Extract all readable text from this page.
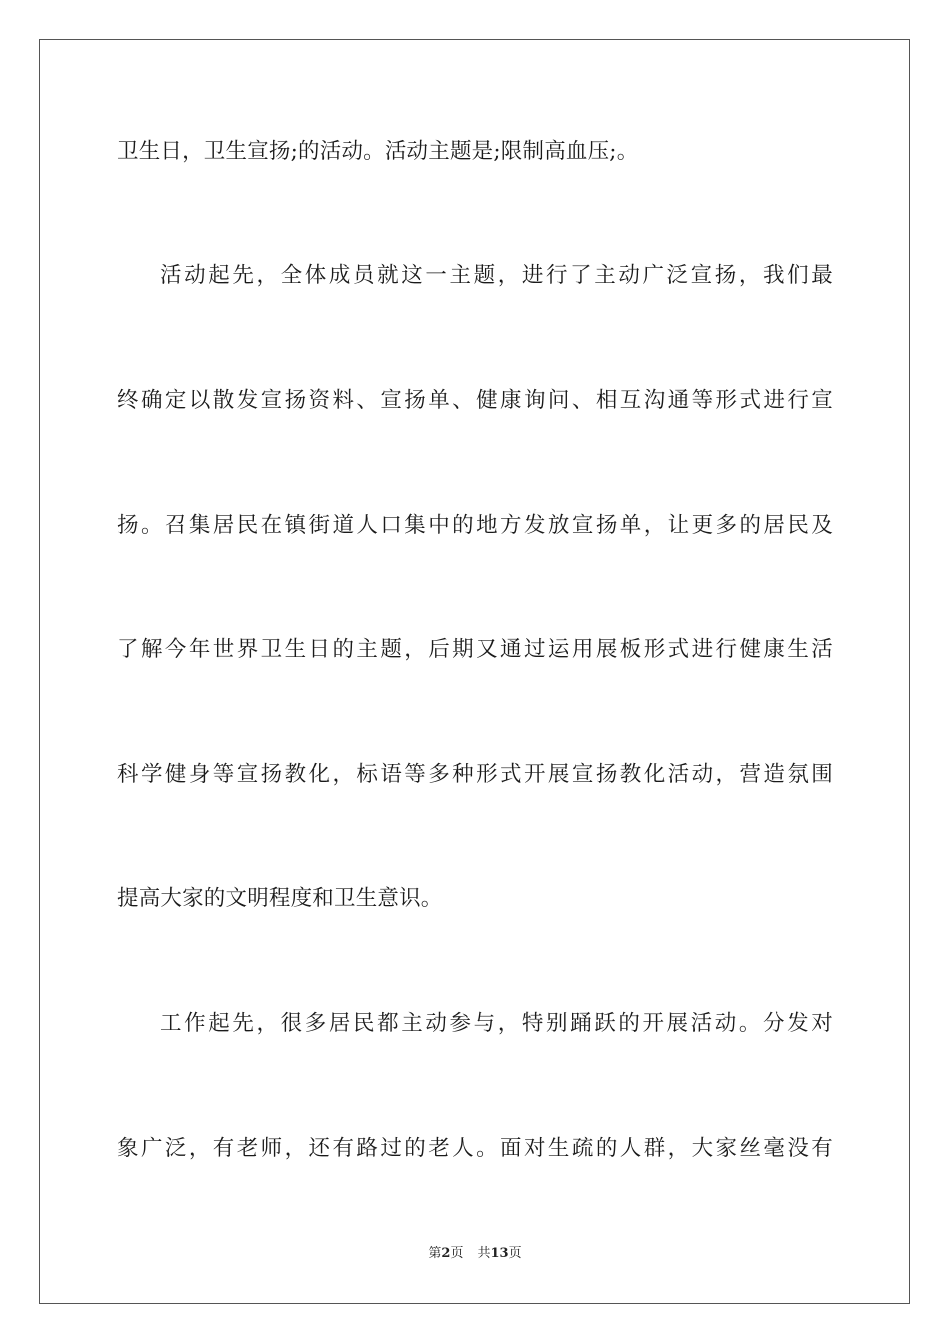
卫生日，卫生宣扬;的活动。活动主题是;限制高血压;。
活动起先，全体成员就这一主题，进行了主动广泛宣扬，我们最
终确定以散发宣扬资料、宣扬单、健康询问、相互沟通等形式进行宣
扬。召集居民在镇街道人口集中的地方发放宣扬单，让更多的居民及
了解今年世界卫生日的主题，后期又通过运用展板形式进行健康生活
科学健身等宣扬教化，标语等多种形式开展宣扬教化活动，营造氛围
提高大家的文明程度和卫生意识。
工作起先，很多居民都主动参与，特别踊跃的开展活动。分发对
象广泛，有老师，还有路过的老人。面对生疏的人群，大家丝毫没有
第2页 共13页
